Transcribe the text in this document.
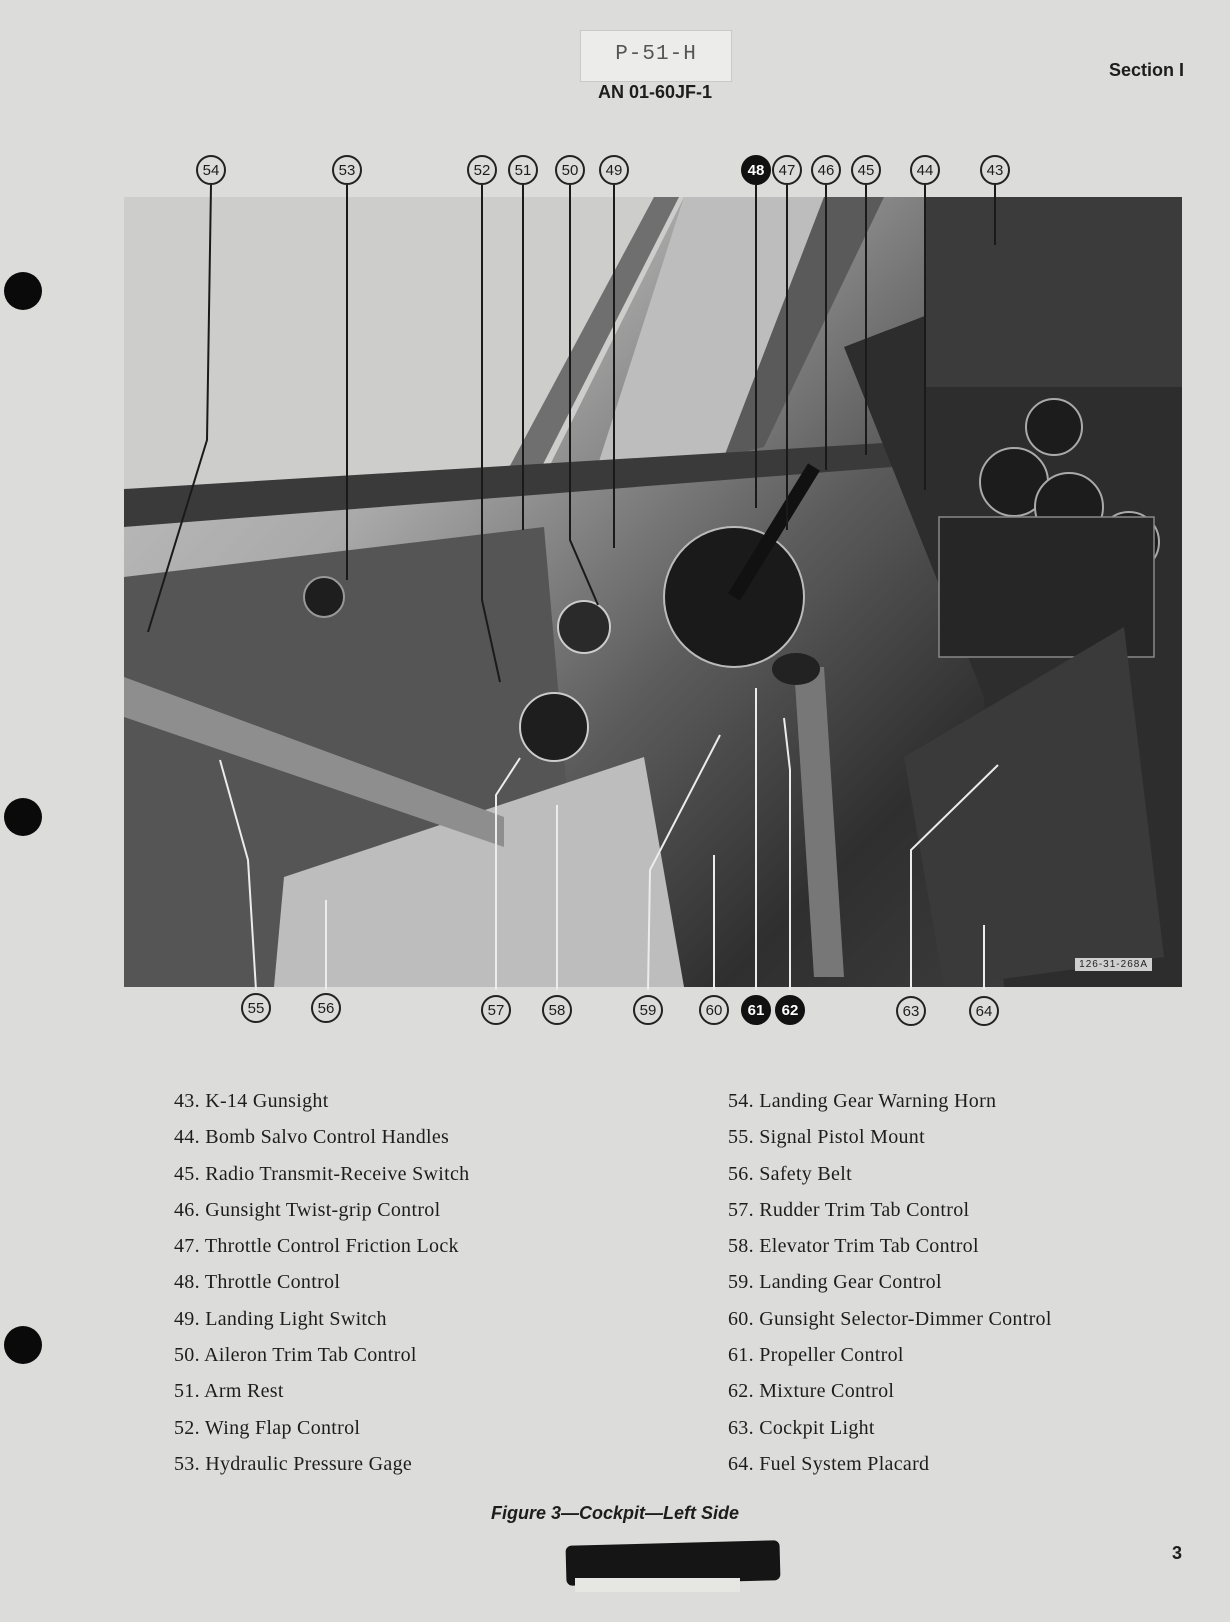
P-51-H
AN 01-60JF-1
Section I
126-31-268A
54	53	52	51	50	49	48 47	46	45	44	43
55	56	57	58	59	60	61	62	63	64
43. K-14 Gunsight
44. Bomb Salvo Control Handles
45. Radio Transmit-Receive Switch
46. Gunsight Twist-grip Control
47. Throttle Control Friction Lock
48. Throttle Control
49. Landing Light Switch
50. Aileron Trim Tab Control
51. Arm Rest
52. Wing Flap Control
53. Hydraulic Pressure Gage
54. Landing Gear Warning Horn
55. Signal Pistol Mount
56. Safety Belt
57. Rudder Trim Tab Control
58. Elevator Trim Tab Control
59. Landing Gear Control
60. Gunsight Selector-Dimmer Control
61. Propeller Control
62. Mixture Control
63. Cockpit Light
64. Fuel System Placard
Figure 3—Cockpit—Left Side
3
